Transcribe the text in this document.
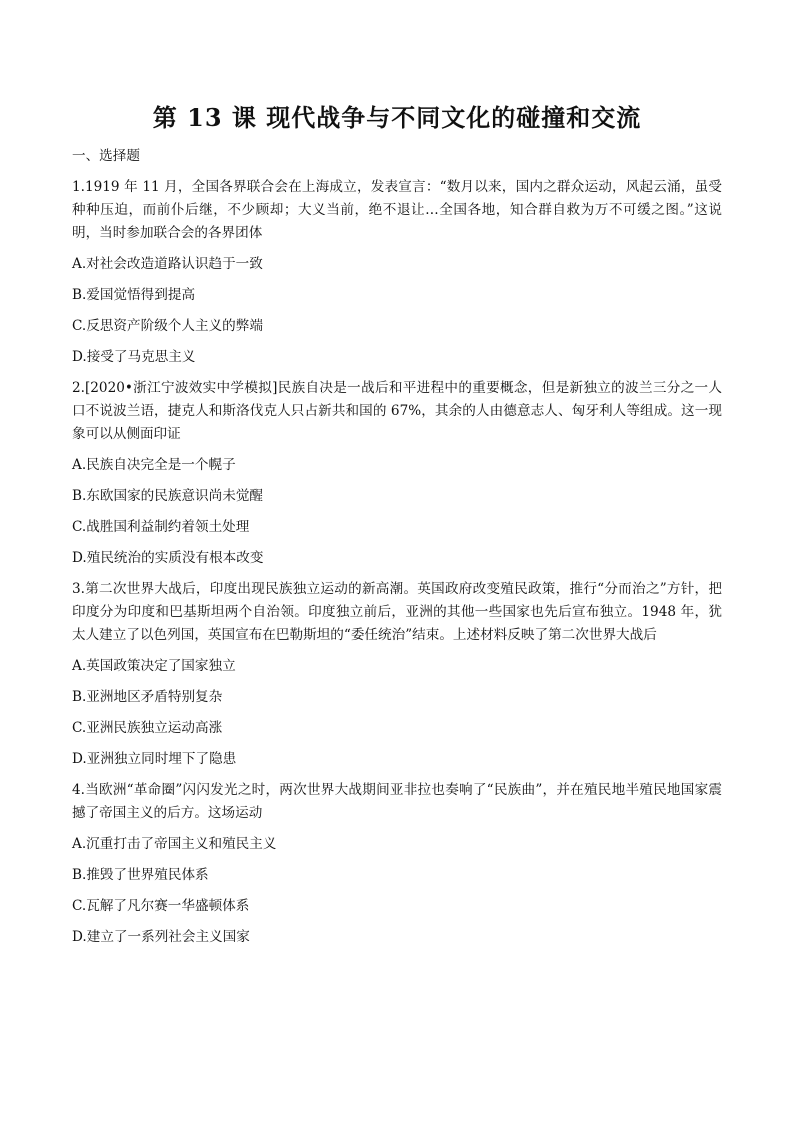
第 13 课 现代战争与不同文化的碰撞和交流
一、选择题
1.1919 年 11 月，全国各界联合会在上海成立，发表宣言：“数月以来，国内之群众运动，风起云涌，虽受种种压迫，而前仆后继，不少顾却；大义当前，绝不退让…全国各地，知合群自救为万不可缓之图。”这说明，当时参加联合会的各界团体
A.对社会改造道路认识趋于一致
B.爱国觉悟得到提高
C.反思资产阶级个人主义的弊端
D.接受了马克思主义
2.[2020•浙江宁波效实中学模拟]民族自决是一战后和平进程中的重要概念，但是新独立的波兰三分之一人口不说波兰语，捷克人和斯洛伐克人只占新共和国的 67%，其余的人由德意志人、匈牙利人等组成。这一现象可以从侧面印证
A.民族自决完全是一个幌子
B.东欧国家的民族意识尚未觉醒
C.战胜国利益制约着领土处理
D.殖民统治的实质没有根本改变
3.第二次世界大战后，印度出现民族独立运动的新高潮。英国政府改变殖民政策，推行“分而治之”方针，把印度分为印度和巴基斯坦两个自治领。印度独立前后，亚洲的其他一些国家也先后宣布独立。1948 年，犹太人建立了以色列国，英国宣布在巴勒斯坦的“委任统治”结束。上述材料反映了第二次世界大战后
A.英国政策决定了国家独立
B.亚洲地区矛盾特别复杂
C.亚洲民族独立运动高涨
D.亚洲独立同时埋下了隐患
4.当欧洲“革命圈”闪闪发光之时，两次世界大战期间亚非拉也奏响了“民族曲”，并在殖民地半殖民地国家震撼了帝国主义的后方。这场运动
A.沉重打击了帝国主义和殖民主义
B.推毁了世界殖民体系
C.瓦解了凡尔赛一华盛顿体系
D.建立了一系列社会主义国家
